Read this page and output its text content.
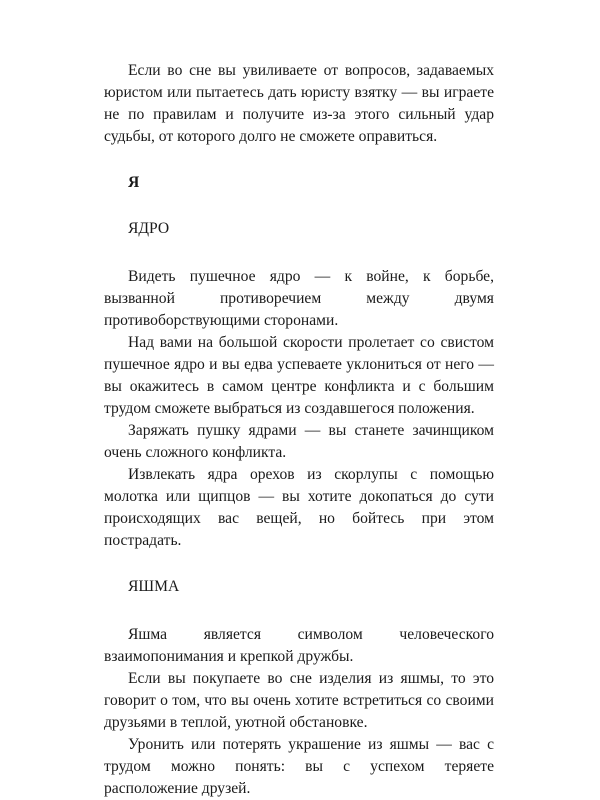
Если во сне вы увиливаете от вопросов, задаваемых юристом или пытаетесь дать юристу взятку — вы играете не по правилам и получите из-за этого сильный удар судьбы, от которого долго не сможете оправиться.

Я
ЯДРО

Видеть пушечное ядро — к войне, к борьбе, вызванной противоречием между двумя противоборствующими сторонами.

Над вами на большой скорости пролетает со свистом пушечное ядро и вы едва успеваете уклониться от него — вы окажитесь в самом центре конфликта и с большим трудом сможете выбраться из создавшегося положения.

Заряжать пушку ядрами — вы станете зачинщиком очень сложного конфликта.

Извлекать ядра орехов из скорлупы с помощью молотка или щипцов — вы хотите докопаться до сути происходящих вас вещей, но бойтесь при этом пострадать.

ЯШМА

Яшма является символом человеческого взаимопонимания и крепкой дружбы.

Если вы покупаете во сне изделия из яшмы, то это говорит о том, что вы очень хотите встретиться со своими друзьями в теплой, уютной обстановке.

Уронить или потерять украшение из яшмы — вас с трудом можно понять: вы с успехом теряете расположение друзей.
